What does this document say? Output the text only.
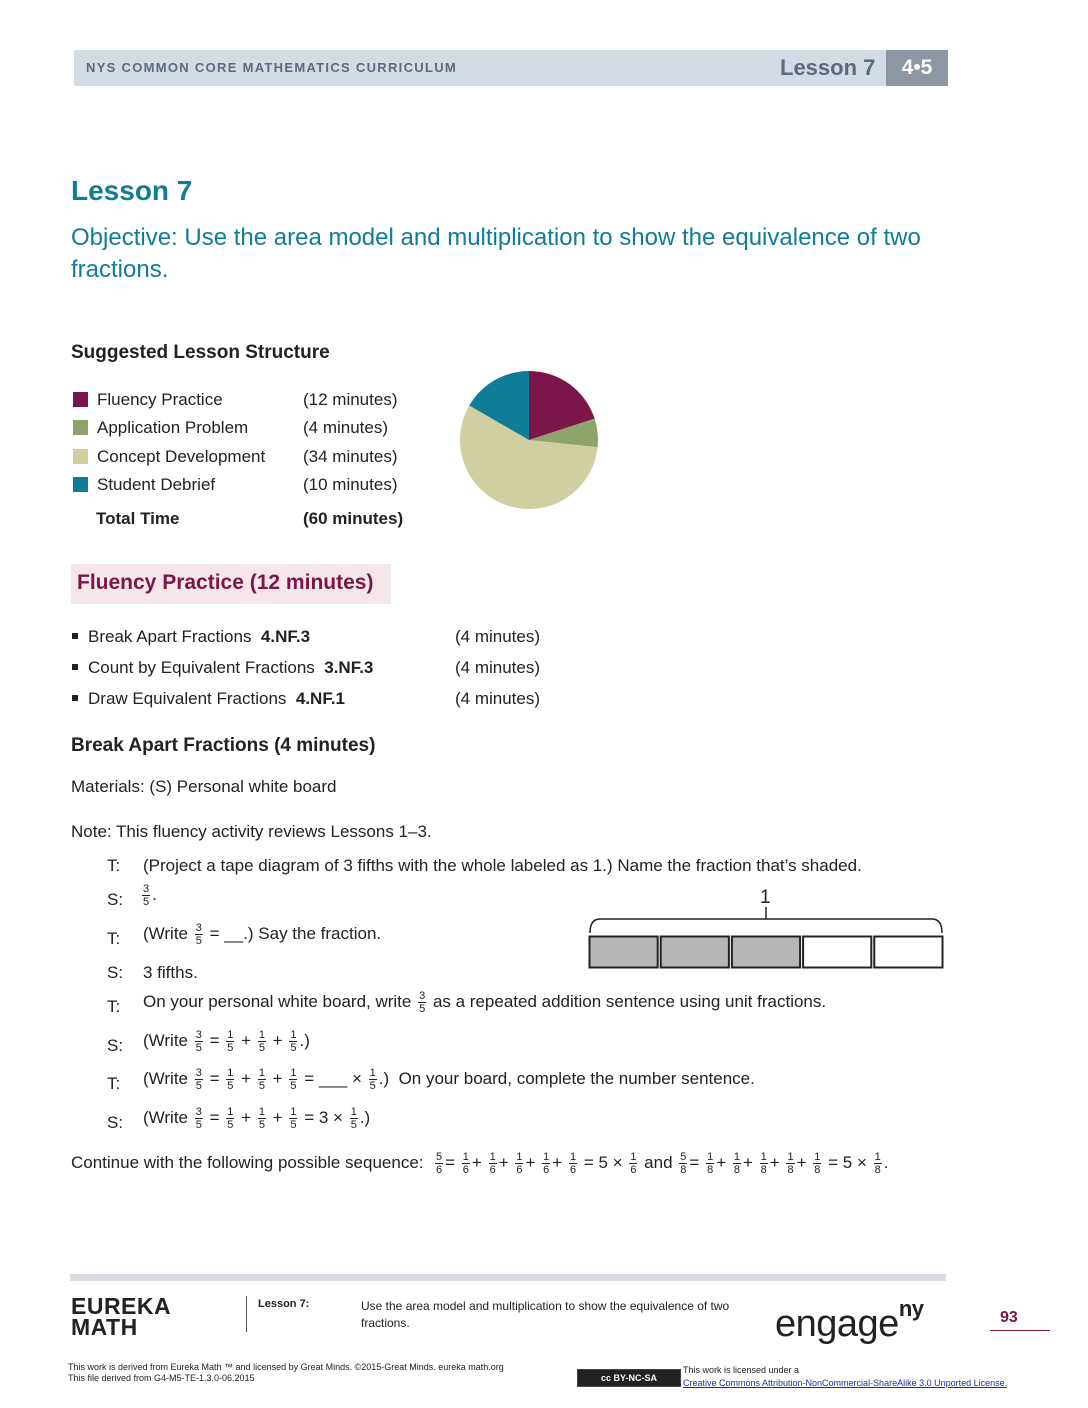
NYS COMMON CORE MATHEMATICS CURRICULUM	Lesson 7	4•5
Lesson 7
Objective: Use the area model and multiplication to show the equivalence of two fractions.
Suggested Lesson Structure
Fluency Practice	(12 minutes)
Application Problem	(4 minutes)
Concept Development (34 minutes)
Student Debrief	(10 minutes)
Total Time	(60 minutes)
Fluency Practice (12 minutes)
Break Apart Fractions 4.NF.3	(4 minutes)
Count by Equivalent Fractions 3.NF.3	(4 minutes)
Draw Equivalent Fractions 4.NF.1	(4 minutes)
Break Apart Fractions (4 minutes)
Materials: (S) Personal white board
Note: This fluency activity reviews Lessons 1–3.
T: (Project a tape diagram of 3 fifths with the whole labeled as 1.) Name the fraction that’s shaded.
S: $\frac{3}{5}$ .
T: (Write $\frac{3}{5}$ = __.) Say the fraction.
S: 3 fifths.
T: On your personal white board, write $\frac{3}{5}$ as a repeated addition sentence using unit fractions.
S: (Write $\frac{3}{5} = \frac{1}{5} + \frac{1}{5} + \frac{1}{5}$ .)
T: (Write $\frac{3}{5} = \frac{1}{5} + \frac{1}{5} + \frac{1}{5}$ = ___ × $\frac{1}{5}$ .) On your board, complete the number sentence.
S: (Write $\frac{3}{5} = \frac{1}{5} + \frac{1}{5} + \frac{1}{5} = 3 \times \frac{1}{5}$ .)
1
Continue with the following possible sequence: $\frac{5}{6} = \frac{1}{6} + \frac{1}{6} + \frac{1}{6} + \frac{1}{6} + \frac{1}{6} = 5 \times \frac{1}{6}$ and $\frac{5}{8} = \frac{1}{8} + \frac{1}{8} + \frac{1}{8} + \frac{1}{8} + \frac{1}{8} = 5 \times \frac{1}{8}$ .
EUREKA
MATH
Lesson 7:	Use the area model and multiplication to show the equivalence of two fractions.	engage$^{ny}$	93
This work is derived from Eureka Math ™ and licensed by Great Minds. ©2015-Great Minds. eureka math.org
This file derived from G4-M5-TE-1.3.0-06.2015	cc BY-NC-SA
This work is licensed under a
Creative Commons Attribution-NonCommercial-ShareAlike 3.0 Unported License.
